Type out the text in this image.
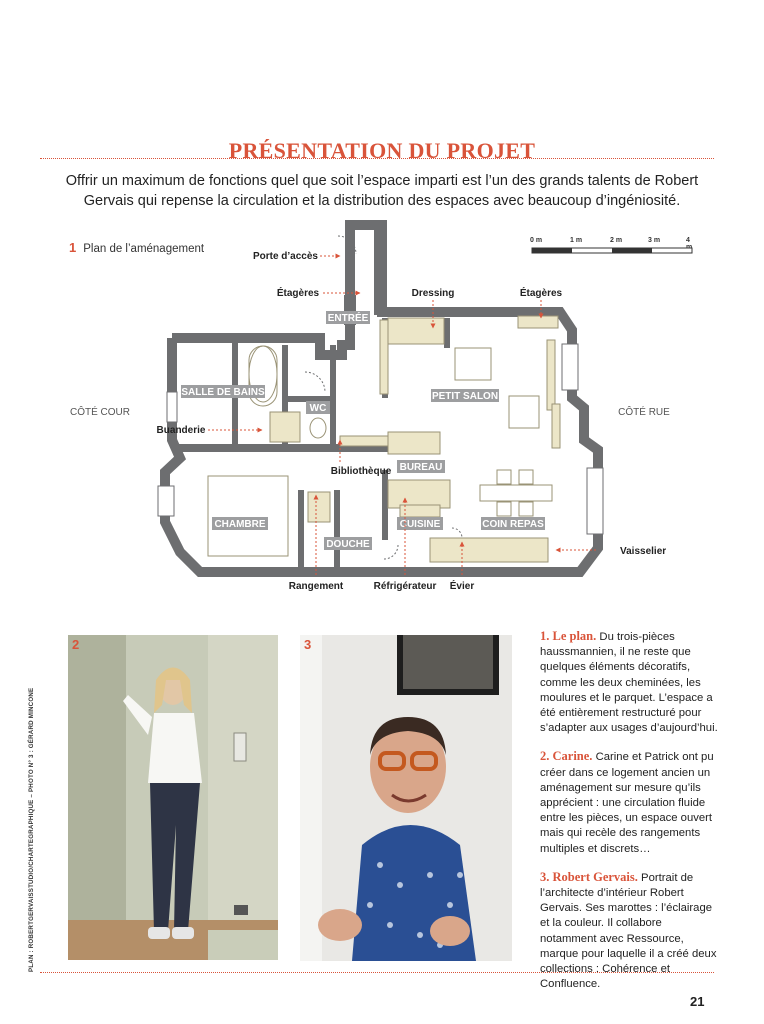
PRÉSENTATION DU PROJET
Offrir un maximum de fonctions quel que soit l’espace imparti est l’un des grands talents de Robert Gervais qui repense la circulation et la distribution des espaces avec beaucoup d’ingéniosité.
1 Plan de l’aménagement
0 m	1 m	2 m	3 m	4
ENTRÉE
SALLE DE BAINS
WC
PETIT SALON
BUREAU
CHAMBRE
DOUCHE
CUISINE	COIN REPAS
CÔTÉ COUR	CÔTÉ RUE
Porte d’accès
Étagères	Dressing	Étagères
Buanderie
Bibliothèque
Vaisselier
Rangement	Réfrigérateur Évier
2	3

1. Le plan. Du trois-pièces haussmannien, il ne reste que quelques éléments décoratifs, comme les deux cheminées, les moulures et le parquet. L’espace a été entièrement restructuré pour s’adapter aux usages d’aujourd’hui.

2. Carine. Carine et Patrick ont pu créer dans ce logement ancien un aménagement sur mesure qu’ils apprécient : une circulation fluide entre les pièces, un espace ouvert mais qui recèle des rangements multiples et discrets…

3. Robert Gervais. Portrait de l’architecte d’intérieur Robert Gervais. Ses marottes : l’éclairage et la couleur. Il collabore notamment avec Ressource, marque pour laquelle il a créé deux collections : Cohérence et Confluence.

PLAN : ROBERTGERVAISSTUDIO/CHARTEGRAPHIQUE – PHOTO N° 3 : GÉRARD MINCONE
21
